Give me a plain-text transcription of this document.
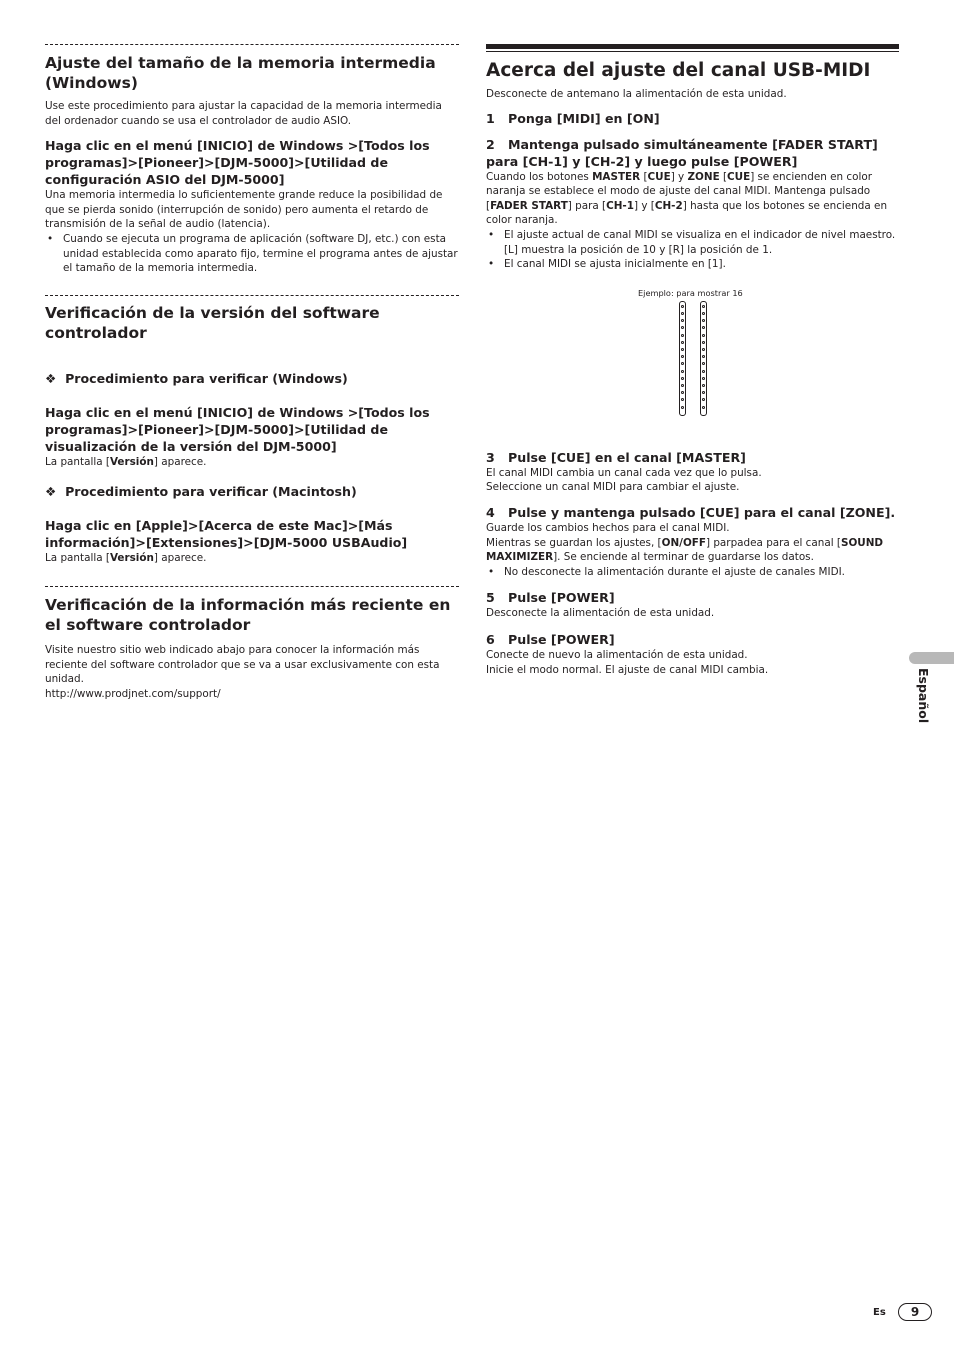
Ajuste del tamaño de la memoria intermedia (Windows)

Use este procedimiento para ajustar la capacidad de la memoria intermedia del ordenador cuando se usa el controlador de audio ASIO.

Haga clic en el menú [INICIO] de Windows >[Todos los programas]>[Pioneer]>[DJM-5000]>[Utilidad de configuración ASIO del DJM-5000]

Una memoria intermedia lo suficientemente grande reduce la posibilidad de que se pierda sonido (interrupción de sonido) pero aumenta el retardo de transmisión de la señal de audio (latencia).

• Cuando se ejecuta un programa de aplicación (software DJ, etc.) con esta unidad establecida como aparato fijo, termine el programa antes de ajustar el tamaño de la memoria intermedia.
Verificación de la versión del software controlador

❖ Procedimiento para verificar (Windows)

Haga clic en el menú [INICIO] de Windows >[Todos los programas]>[Pioneer]>[DJM-5000]>[Utilidad de visualización de la versión del DJM-5000]

La pantalla [Versión] aparece.

❖ Procedimiento para verificar (Macintosh)

Haga clic en [Apple]>[Acerca de este Mac]>[Más información]>[Extensiones]>[DJM-5000 USBAudio]

La pantalla [Versión] aparece.

Verificación de la información más reciente en el software controlador

Visite nuestro sitio web indicado abajo para conocer la información más reciente del software controlador que se va a usar exclusivamente con esta unidad.

http://www.prodjnet.com/support/

Acerca del ajuste del canal USB-MIDI

Desconecte de antemano la alimentación de esta unidad.

1 Ponga [MIDI] en [ON]
2	Mantenga pulsado simultáneamente [FADER START] para [CH-1] y [CH-2] y luego pulse [POWER]

Cuando los botones MASTER [CUE] y ZONE [CUE] se encienden en color naranja se establece el modo de ajuste del canal MIDI. Mantenga pulsado [FADER START] para [CH-1] y [CH-2] hasta que los botones se encienda en color naranja.

• El ajuste actual de canal MIDI se visualiza en el indicador de nivel maestro. [L] muestra la posición de 10 y [R] la posición de 1.
• El canal MIDI se ajusta inicialmente en [1].
Ejemplo: para mostrar 16
3 Pulse [CUE] en el canal [MASTER]

El canal MIDI cambia un canal cada vez que lo pulsa.

Seleccione un canal MIDI para cambiar el ajuste.

4 Pulse y mantenga pulsado [CUE] para el canal [ZONE].

Guarde los cambios hechos para el canal MIDI.

Mientras se guardan los ajustes, [ON/OFF] parpadea para el canal [SOUND MAXIMIZER]. Se enciende al terminar de guardarse los datos.

• No desconecte la alimentación durante el ajuste de canales MIDI.
5 Pulse [POWER]

Desconecte la alimentación de esta unidad.

6 Pulse [POWER]

Conecte de nuevo la alimentación de esta unidad.

Inicie el modo normal. El ajuste de canal MIDI cambia.	Español
Es	9
